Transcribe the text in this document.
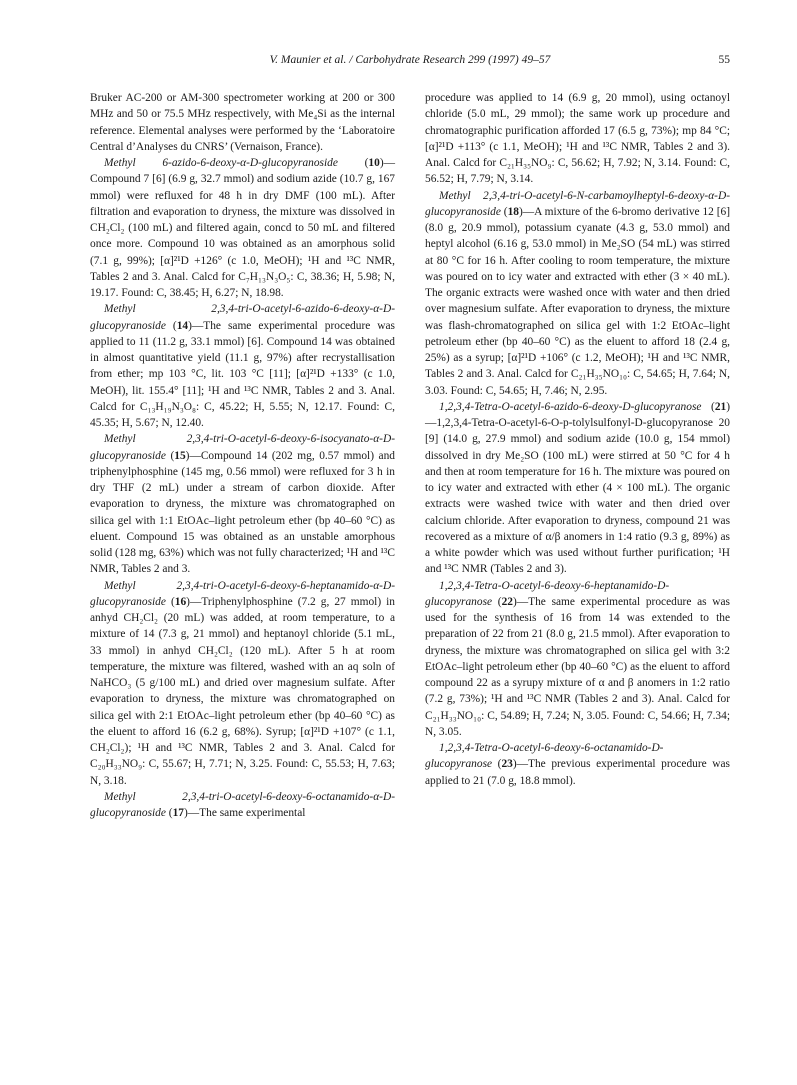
V. Maunier et al. / Carbohydrate Research 299 (1997) 49–57	55

Bruker AC-200 or AM-300 spectrometer working at 200 or 300 MHz and 50 or 75.5 MHz respectively, with Me₄Si as the internal reference. Elemental analyses were performed by the ‘Laboratoire Central d’Analyses du CNRS’ (Vernaison, France).

Methyl 6-azido-6-deoxy-α-D-glucopyranoside (10)—Compound 7 [6] (6.9 g, 32.7 mmol) and sodium azide (10.7 g, 167 mmol) were refluxed for 48 h in dry DMF (100 mL). After filtration and evaporation to dryness, the mixture was dissolved in CH₂Cl₂ (100 mL) and filtered again, concd to 50 mL and filtered once more. Compound 10 was obtained as an amorphous solid (7.1 g, 99%); [α]²¹D +126° (c 1.0, MeOH); ¹H and ¹³C NMR, Tables 2 and 3. Anal. Calcd for C₇H₁₃N₃O₅: C, 38.36; H, 5.98; N, 19.17. Found: C, 38.45; H, 6.27; N, 18.98.

Methyl 2,3,4-tri-O-acetyl-6-azido-6-deoxy-α-D-glucopyranoside (14)—The same experimental procedure was applied to 11 (11.2 g, 33.1 mmol) [6]. Compound 14 was obtained in almost quantitative yield (11.1 g, 97%) after recrystallisation from ether; mp 103 °C, lit. 103 °C [11]; [α]²¹D +133° (c 1.0, MeOH), lit. 155.4° [11]; ¹H and ¹³C NMR, Tables 2 and 3. Anal. Calcd for C₁₃H₁₉N₃O₈: C, 45.22; H, 5.55; N, 12.17. Found: C, 45.35; H, 5.67; N, 12.40.

Methyl 2,3,4-tri-O-acetyl-6-deoxy-6-isocyanato-α-D-glucopyranoside (15)—Compound 14 (202 mg, 0.57 mmol) and triphenylphosphine (145 mg, 0.56 mmol) were refluxed for 3 h in dry THF (2 mL) under a stream of carbon dioxide. After evaporation to dryness, the mixture was chromatographed on silica gel with 1:1 EtOAc–light petroleum ether (bp 40–60 °C) as eluent. Compound 15 was obtained as an unstable amorphous solid (128 mg, 63%) which was not fully characterized; ¹H and ¹³C NMR, Tables 2 and 3.

Methyl 2,3,4-tri-O-acetyl-6-deoxy-6-heptanamido-α-D-glucopyranoside (16)—Triphenylphosphine (7.2 g, 27 mmol) in anhyd CH₂Cl₂ (20 mL) was added, at room temperature, to a mixture of 14 (7.3 g, 21 mmol) and heptanoyl chloride (5.1 mL, 33 mmol) in anhyd CH₂Cl₂ (120 mL). After 5 h at room temperature, the mixture was filtered, washed with an aq soln of NaHCO₃ (5 g/100 mL) and dried over magnesium sulfate. After evaporation to dryness, the mixture was chromatographed on silica gel with 2:1 EtOAc–light petroleum ether (bp 40–60 °C) as the eluent to afford 16 (6.2 g, 68%). Syrup; [α]²¹D +107° (c 1.1, CH₂Cl₂); ¹H and ¹³C NMR, Tables 2 and 3. Anal. Calcd for C₂₀H₃₃NO₉: C, 55.67; H, 7.71; N, 3.25. Found: C, 55.53; H, 7.63; N, 3.18.

Methyl 2,3,4-tri-O-acetyl-6-deoxy-6-octanamido-α-D-glucopyranoside (17)—The same experimental

procedure was applied to 14 (6.9 g, 20 mmol), using octanoyl chloride (5.0 mL, 29 mmol); the same work up procedure and chromatographic purification afforded 17 (6.5 g, 73%); mp 84 °C; [α]²¹D +113° (c 1.1, MeOH); ¹H and ¹³C NMR, Tables 2 and 3). Anal. Calcd for C₂₁H₃₅NO₉: C, 56.62; H, 7.92; N, 3.14. Found: C, 56.52; H, 7.79; N, 3.14.

Methyl 2,3,4-tri-O-acetyl-6-N-carbamoylheptyl-6-deoxy-α-D-glucopyranoside (18)—A mixture of the 6-bromo derivative 12 [6] (8.0 g, 20.9 mmol), potassium cyanate (4.3 g, 53.0 mmol) and heptyl alcohol (6.16 g, 53.0 mmol) in Me₂SO (54 mL) was stirred at 80 °C for 16 h. After cooling to room temperature, the mixture was poured on to icy water and extracted with ether (3 × 40 mL). The organic extracts were washed once with water and then dried over magnesium sulfate. After evaporation to dryness, the mixture was flash-chromatographed on silica gel with 1:2 EtOAc–light petroleum ether (bp 40–60 °C) as the eluent to afford 18 (2.4 g, 25%) as a syrup; [α]²¹D +106° (c 1.2, MeOH); ¹H and ¹³C NMR, Tables 2 and 3. Anal. Calcd for C₂₁H₃₅NO₁₀: C, 54.65; H, 7.64; N, 3.03. Found: C, 54.65; H, 7.46; N, 2.95.

1,2,3,4-Tetra-O-acetyl-6-azido-6-deoxy-D-glucopyranose (21)—1,2,3,4-Tetra-O-acetyl-6-O-p-tolylsulfonyl-D-glucopyranose 20 [9] (14.0 g, 27.9 mmol) and sodium azide (10.0 g, 154 mmol) dissolved in dry Me₂SO (100 mL) were stirred at 50 °C for 4 h and then at room temperature for 16 h. The mixture was poured on to icy water and extracted with ether (4 × 100 mL). The organic extracts were washed twice with water and then dried over calcium chloride. After evaporation to dryness, compound 21 was recovered as a mixture of α/β anomers in 1:4 ratio (9.3 g, 89%) as a white powder which was used without further purification; ¹H and ¹³C NMR (Tables 2 and 3).

1,2,3,4-Tetra-O-acetyl-6-deoxy-6-heptanamido-D-glucopyranose (22)—The same experimental procedure as was used for the synthesis of 16 from 14 was extended to the preparation of 22 from 21 (8.0 g, 21.5 mmol). After evaporation to dryness, the mixture was chromatographed on silica gel with 3:2 EtOAc–light petroleum ether (bp 40–60 °C) as the eluent to afford compound 22 as a syrupy mixture of α and β anomers in 1:2 ratio (7.2 g, 73%); ¹H and ¹³C NMR (Tables 2 and 3). Anal. Calcd for C₂₁H₃₃NO₁₀: C, 54.89; H, 7.24; N, 3.05. Found: C, 54.66; H, 7.34; N, 3.05.

1,2,3,4-Tetra-O-acetyl-6-deoxy-6-octanamido-D-glucopyranose (23)—The previous experimental procedure was applied to 21 (7.0 g, 18.8 mmol).
